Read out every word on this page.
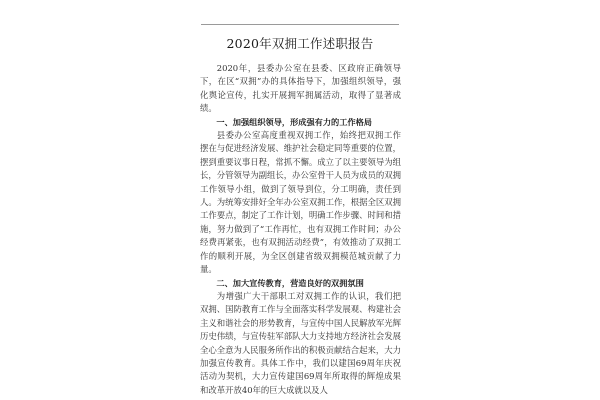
2020年双拥工作述职报告

2020年，县委办公室在县委、区政府正确领导下，在区“双拥”办的具体指导下，加强组织领导，强化舆论宣传，扎实开展拥军拥属活动，取得了显著成绩。

一、加强组织领导，形成强有力的工作格局

县委办公室高度重视双拥工作，始终把双拥工作摆在与促进经济发展、维护社会稳定同等重要的位置，摆到重要议事日程，常抓不懈。成立了以主要领导为组长，分管领导为副组长，办公室骨干人员为成员的双拥工作领导小组，做到了领导到位，分工明确，责任到人。为统筹安排好全年办公室双拥工作，根据全区双拥工作要点，制定了工作计划，明确工作步骤、时间和措施，努力做到了“工作再忙，也有双拥工作时间；办公经费再紧张，也有双拥活动经费”，有效推动了双拥工作的顺利开展，为全区创建省级双拥模范城贡献了力量。

二、加大宣传教育，营造良好的双拥氛围

为增强广大干部职工对双拥工作的认识，我们把双拥、国防教育工作与全面落实科学发展观、构建社会主义和谐社会的形势教育，与宣传中国人民解放军光辉历史伟绩，与宣传驻军部队大力支持地方经济社会发展全心全意为人民服务所作出的积极贡献结合起来，大力加强宣传教育。具体工作中，我们以建国69周年庆祝活动为契机，大力宣传建国69周年所取得的辉煌成果和改革开放40年的巨大成就以及人
